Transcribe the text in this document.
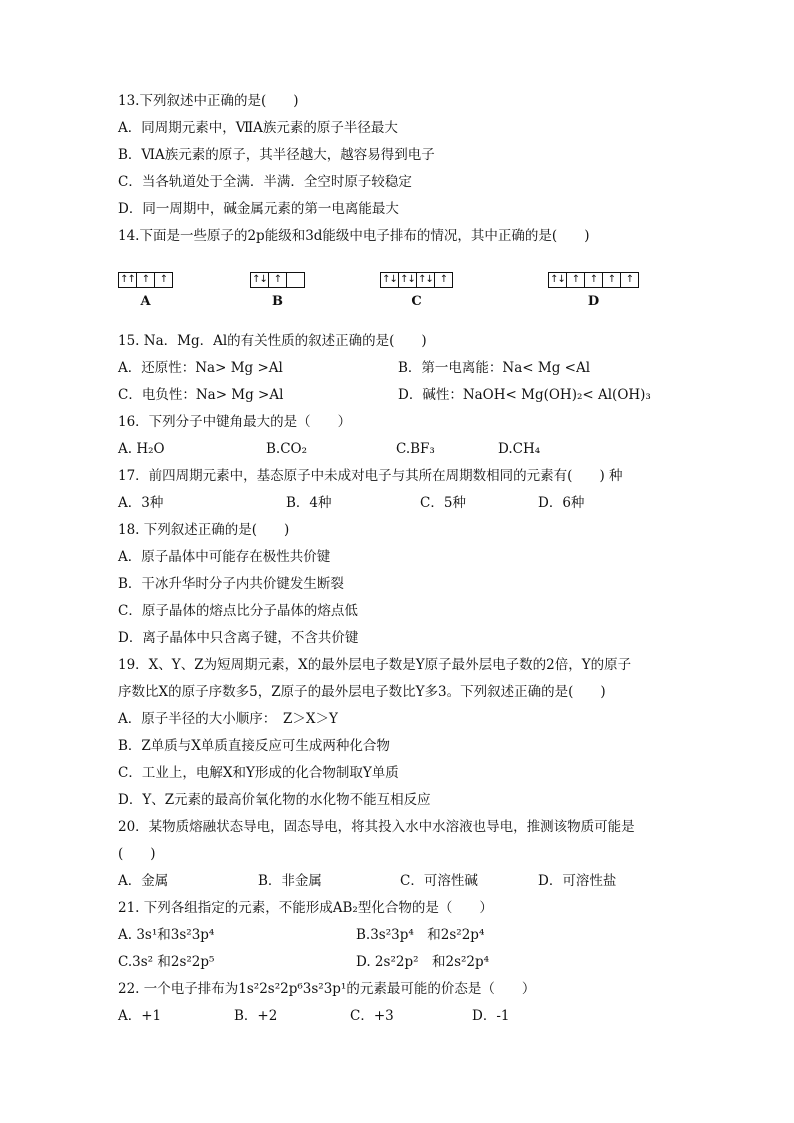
13.下列叙述中正确的是(　　)
A．同周期元素中，ⅦA族元素的原子半径最大
B．ⅥA族元素的原子，其半径越大，越容易得到电子
C．当各轨道处于全满．半满．全空时原子较稳定
D．同一周期中，碱金属元素的第一电离能最大
14.下面是一些原子的2p能级和3d能级中电子排布的情况，其中正确的是(　　)
15. Na．Mg．Al的有关性质的叙述正确的是(　　)
A．还原性：Na> Mg >Al	B．第一电离能：Na< Mg <Al
C．电负性：Na> Mg >Al	D．碱性：NaOH< Mg(OH)₂< Al(OH)₃
16．下列分子中键角最大的是（　　）
A. H₂O	B.CO₂	C.BF₃	D.CH₄
17．前四周期元素中，基态原子中未成对电子与其所在周期数相同的元素有(　　) 种
A．3种	B．4种	C．5种	D．6种
18. 下列叙述正确的是(　　)
A．原子晶体中可能存在极性共价键
B．干冰升华时分子内共价键发生断裂
C．原子晶体的熔点比分子晶体的熔点低
D．离子晶体中只含离子键，不含共价键
19．X、Y、Z为短周期元素，X的最外层电子数是Y原子最外层电子数的2倍，Y的原子
序数比X的原子序数多5，Z原子的最外层电子数比Y多3。下列叙述正确的是(　　)
A．原子半径的大小顺序：　Z＞X＞Y
B．Z单质与X单质直接反应可生成两种化合物
C．工业上，电解X和Y形成的化合物制取Y单质
D．Y、Z元素的最高价氧化物的水化物不能互相反应
20．某物质熔融状态导电，固态导电，将其投入水中水溶液也导电，推测该物质可能是
(　　)
A．金属	B．非金属	C．可溶性碱	D．可溶性盐
21. 下列各组指定的元素，不能形成AB₂型化合物的是（　　）
A. 3s¹和3s²3p⁴	B.3s²3p⁴　和2s²2p⁴
C.3s² 和2s²2p⁵	D. 2s²2p²　和2s²2p⁴
22. 一个电子排布为1s²2s²2p⁶3s²3p¹的元素最可能的价态是（　　）
A．+1	B．+2	C．+3	D．-1
↑↑ ↑	↑
A
↑↓ ↑
B
↑↓ ↑↓ ↑↓ ↑
C
↑↓ ↑	↑	↑	↑
D
